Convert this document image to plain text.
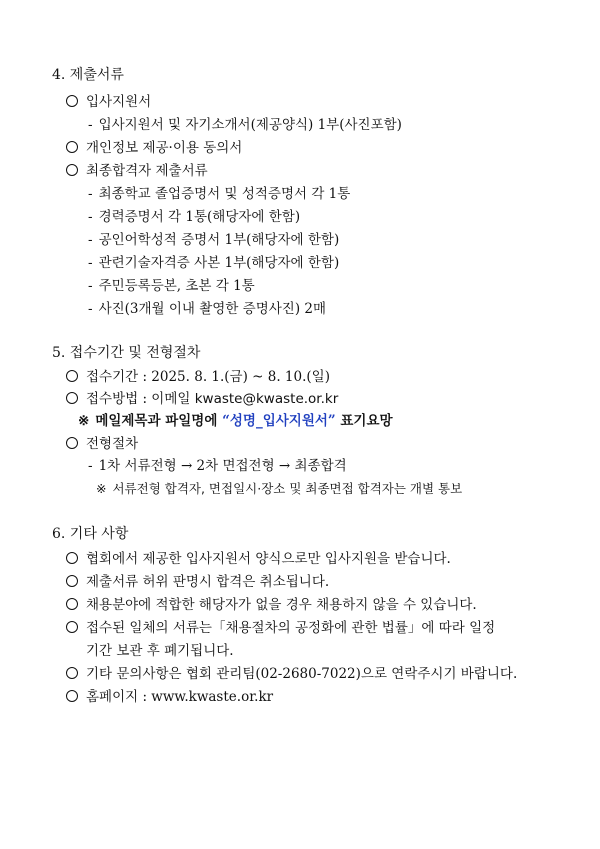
4. 제출서류
입사지원서
- 입사지원서 및 자기소개서(제공양식) 1부(사진포함)
개인정보 제공·이용 동의서
최종합격자 제출서류
- 최종학교 졸업증명서 및 성적증명서 각 1통
- 경력증명서 각 1통(해당자에 한함)
- 공인어학성적 증명서 1부(해당자에 한함)
- 관련기술자격증 사본 1부(해당자에 한함)
- 주민등록등본, 초본 각 1통
- 사진(3개월 이내 촬영한 증명사진) 2매
5. 접수기간 및 전형절차
접수기간 : 2025. 8. 1.(금) ~ 8. 10.(일)
접수방법 : 이메일 kwaste@kwaste.or.kr
※ 메일제목과 파일명에 “성명_입사지원서” 표기요망
전형절차
- 1차 서류전형 → 2차 면접전형 → 최종합격
※ 서류전형 합격자, 면접일시·장소 및 최종면접 합격자는 개별 통보
6. 기타 사항
협회에서 제공한 입사지원서 양식으로만 입사지원을 받습니다.
제출서류 허위 판명시 합격은 취소됩니다.
채용분야에 적합한 해당자가 없을 경우 채용하지 않을 수 있습니다.
접수된 일체의 서류는「채용절차의 공정화에 관한 법률」에 따라 일정
기간 보관 후 폐기됩니다.
기타 문의사항은 협회 관리팀(02-2680-7022)으로 연락주시기 바랍니다.
홈페이지 : www.kwaste.or.kr
